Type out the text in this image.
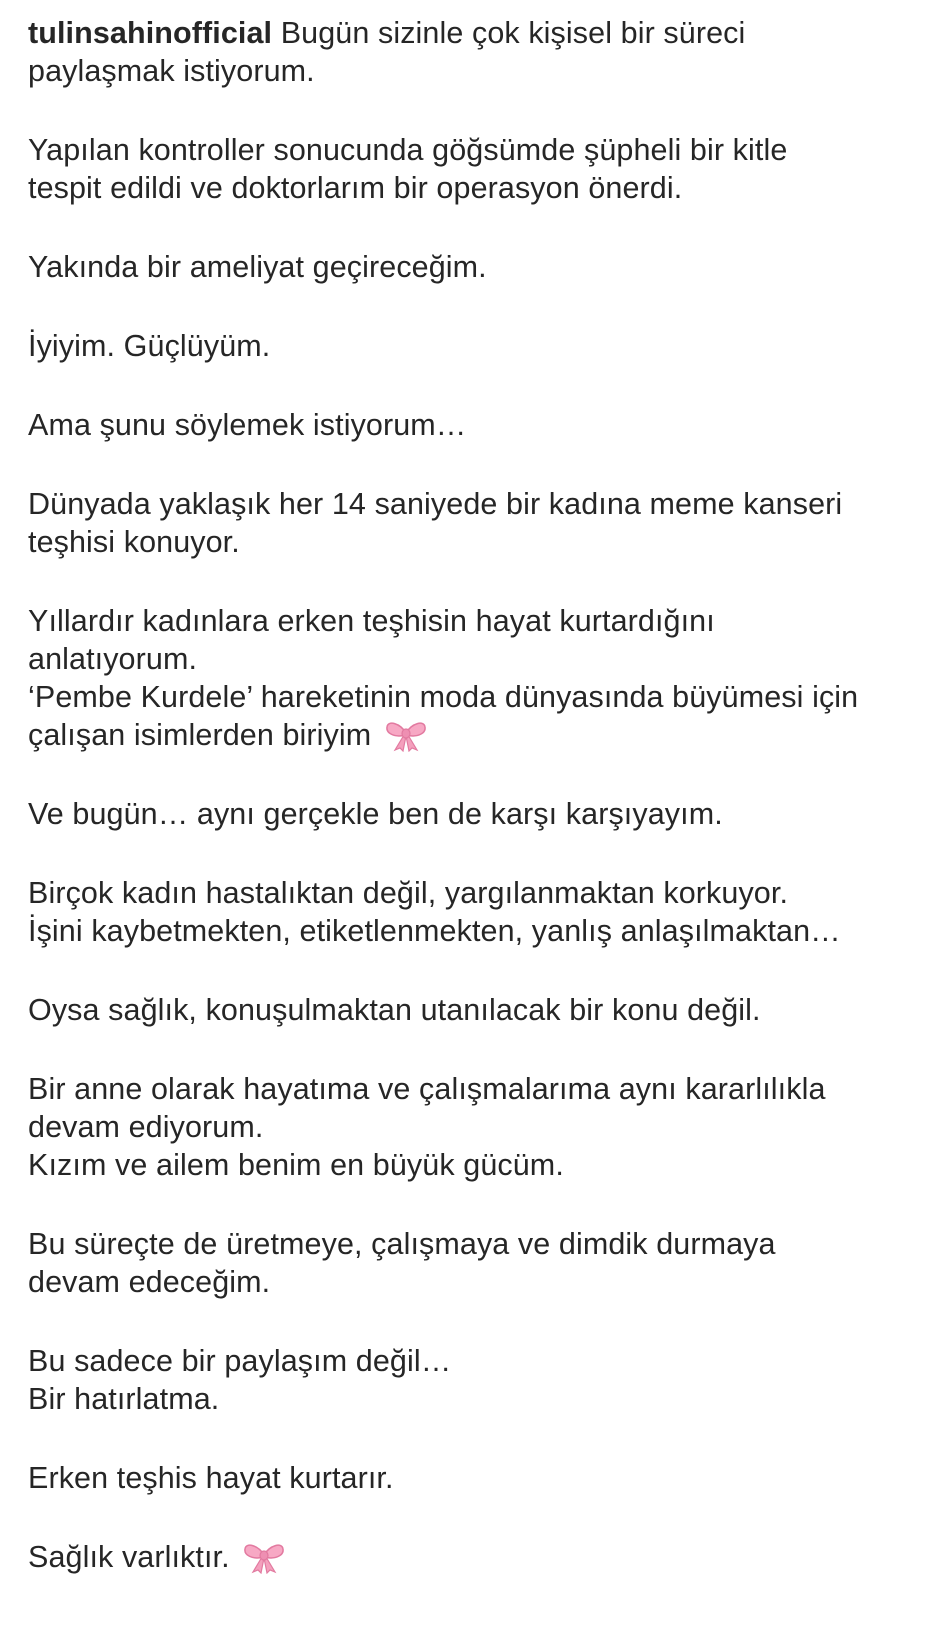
tulinsahinofficial Bugün sizinle çok kişisel bir süreci
paylaşmak istiyorum.
Yapılan kontroller sonucunda göğsümde şüpheli bir kitle
tespit edildi ve doktorlarım bir operasyon önerdi.
Yakında bir ameliyat geçireceğim.
İyiyim. Güçlüyüm.
Ama şunu söylemek istiyorum…
Dünyada yaklaşık her 14 saniyede bir kadına meme kanseri
teşhisi konuyor.
Yıllardır kadınlara erken teşhisin hayat kurtardığını
anlatıyorum.
‘Pembe Kurdele’ hareketinin moda dünyasında büyümesi için
çalışan isimlerden biriyim
Ve bugün… aynı gerçekle ben de karşı karşıyayım.
Birçok kadın hastalıktan değil, yargılanmaktan korkuyor.
İşini kaybetmekten, etiketlenmekten, yanlış anlaşılmaktan…
Oysa sağlık, konuşulmaktan utanılacak bir konu değil.
Bir anne olarak hayatıma ve çalışmalarıma aynı kararlılıkla
devam ediyorum.
Kızım ve ailem benim en büyük gücüm.
Bu süreçte de üretmeye, çalışmaya ve dimdik durmaya
devam edeceğim.
Bu sadece bir paylaşım değil…
Bir hatırlatma.
Erken teşhis hayat kurtarır.
Sağlık varlıktır.
